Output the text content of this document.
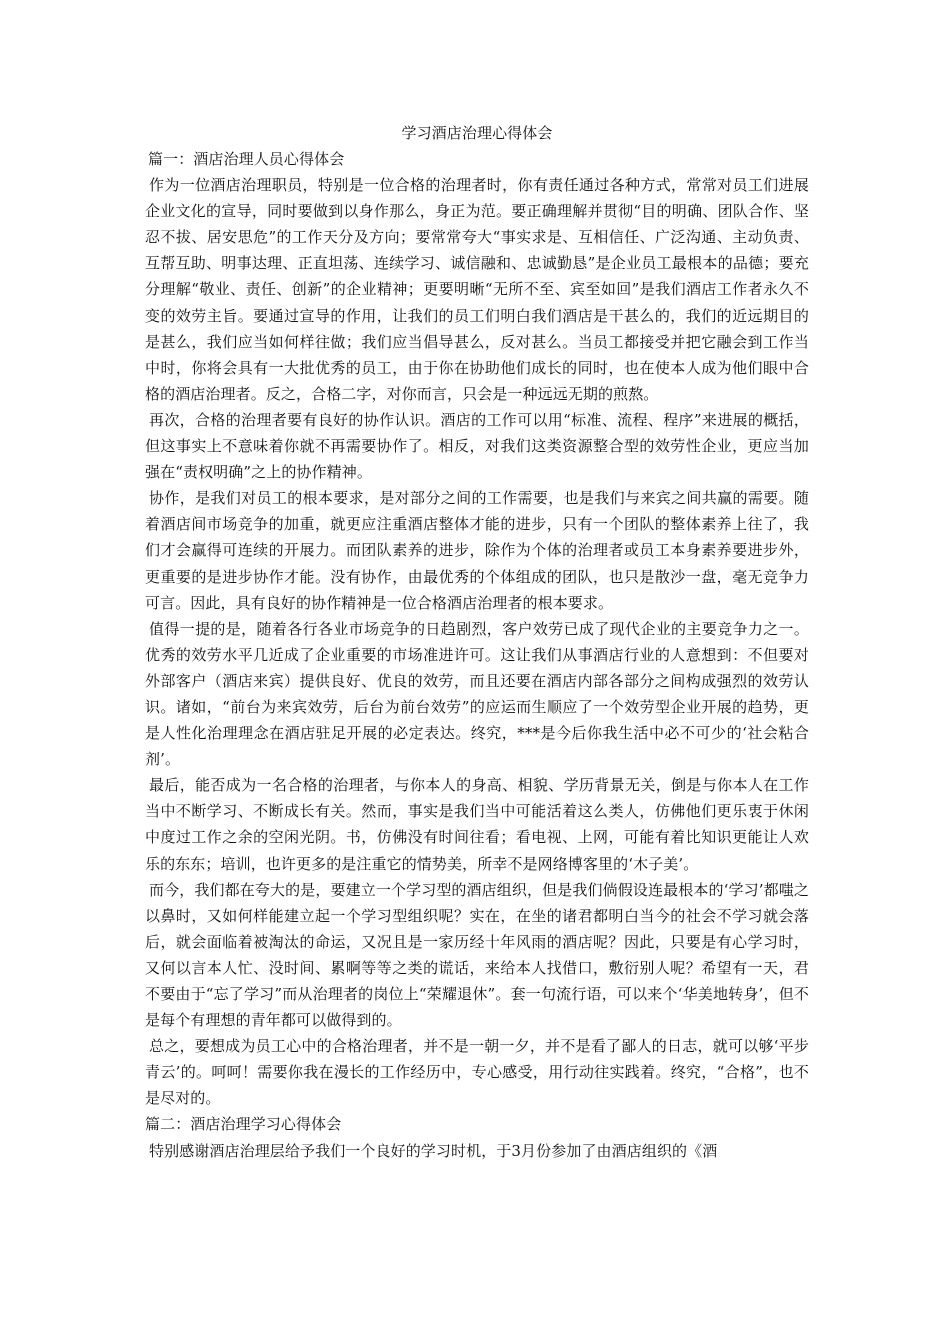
学习酒店治理心得体会

篇一：酒店治理人员心得体会

作为一位酒店治理职员，特别是一位合格的治理者时，你有责任通过各种方式，常常对员工们进展企业文化的宣导，同时要做到以身作那么，身正为范。要正确理解并贯彻“目的明确、团队合作、坚忍不拔、居安思危”的工作天分及方向；要常常夸大“事实求是、互相信任、广泛沟通、主动负责、互帮互助、明事达理、正直坦荡、连续学习、诚信融和、忠诚勤恳”是企业员工最根本的品德；要充分理解“敬业、责任、创新”的企业精神；更要明晰“无所不至、宾至如回”是我们酒店工作者永久不变的效劳主旨。要通过宣导的作用，让我们的员工们明白我们酒店是干甚么的，我们的近远期目的是甚么，我们应当如何样往做；我们应当倡导甚么，反对甚么。当员工都接受并把它融会到工作当中时，你将会具有一大批优秀的员工，由于你在协助他们成长的同时，也在使本人成为他们眼中合格的酒店治理者。反之，合格二字，对你而言，只会是一种远远无期的煎熬。

再次，合格的治理者要有良好的协作认识。酒店的工作可以用“标准、流程、程序”来进展的概括，但这事实上不意味着你就不再需要协作了。相反，对我们这类资源整合型的效劳性企业，更应当加强在“责权明确”之上的协作精神。

协作，是我们对员工的根本要求，是对部分之间的工作需要，也是我们与来宾之间共赢的需要。随着酒店间市场竞争的加重，就更应注重酒店整体才能的进步，只有一个团队的整体素养上往了，我们才会赢得可连续的开展力。而团队素养的进步，除作为个体的治理者或员工本身素养要进步外，更重要的是进步协作才能。没有协作，由最优秀的个体组成的团队，也只是散沙一盘，毫无竞争力可言。因此，具有良好的协作精神是一位合格酒店治理者的根本要求。

值得一提的是，随着各行各业市场竞争的日趋剧烈，客户效劳已成了现代企业的主要竞争力之一。优秀的效劳水平几近成了企业重要的市场准进许可。这让我们从事酒店行业的人意想到：不但要对外部客户（酒店来宾）提供良好、优良的效劳，而且还要在酒店内部各部分之间构成强烈的效劳认识。诸如，“前台为来宾效劳，后台为前台效劳”的应运而生顺应了一个效劳型企业开展的趋势，更是人性化治理理念在酒店驻足开展的必定表达。终究，***是今后你我生活中必不可少的‘社会粘合剂’。

最后，能否成为一名合格的治理者，与你本人的身高、相貌、学历背景无关，倒是与你本人在工作当中不断学习、不断成长有关。然而，事实是我们当中可能活着这么类人，仿佛他们更乐衷于休闲中度过工作之余的空闲光阴。书，仿佛没有时间往看；看电视、上网，可能有着比知识更能让人欢乐的东东；培训，也许更多的是注重它的情势美，所幸不是网络博客里的‘木子美’。

而今，我们都在夸大的是，要建立一个学习型的酒店组织，但是我们倘假设连最根本的‘学习’都嗤之以鼻时，又如何样能建立起一个学习型组织呢？实在，在坐的诸君都明白当今的社会不学习就会落后，就会面临着被淘汰的命运，又况且是一家历经十年风雨的酒店呢？因此，只要是有心学习时，又何以言本人忙、没时间、累啊等等之类的谎话，来给本人找借口，敷衍别人呢？希望有一天，君不要由于“忘了学习”而从治理者的岗位上“荣耀退休”。套一句流行语，可以来个‘华美地转身’，但不是每个有理想的青年都可以做得到的。

总之，要想成为员工心中的合格治理者，并不是一朝一夕，并不是看了鄙人的日志，就可以够‘平步青云’的。呵呵！需要你我在漫长的工作经历中，专心感受，用行动往实践着。终究，“合格”，也不是尽对的。

篇二：酒店治理学习心得体会

特别感谢酒店治理层给予我们一个良好的学习时机，于3月份参加了由酒店组织的《酒
